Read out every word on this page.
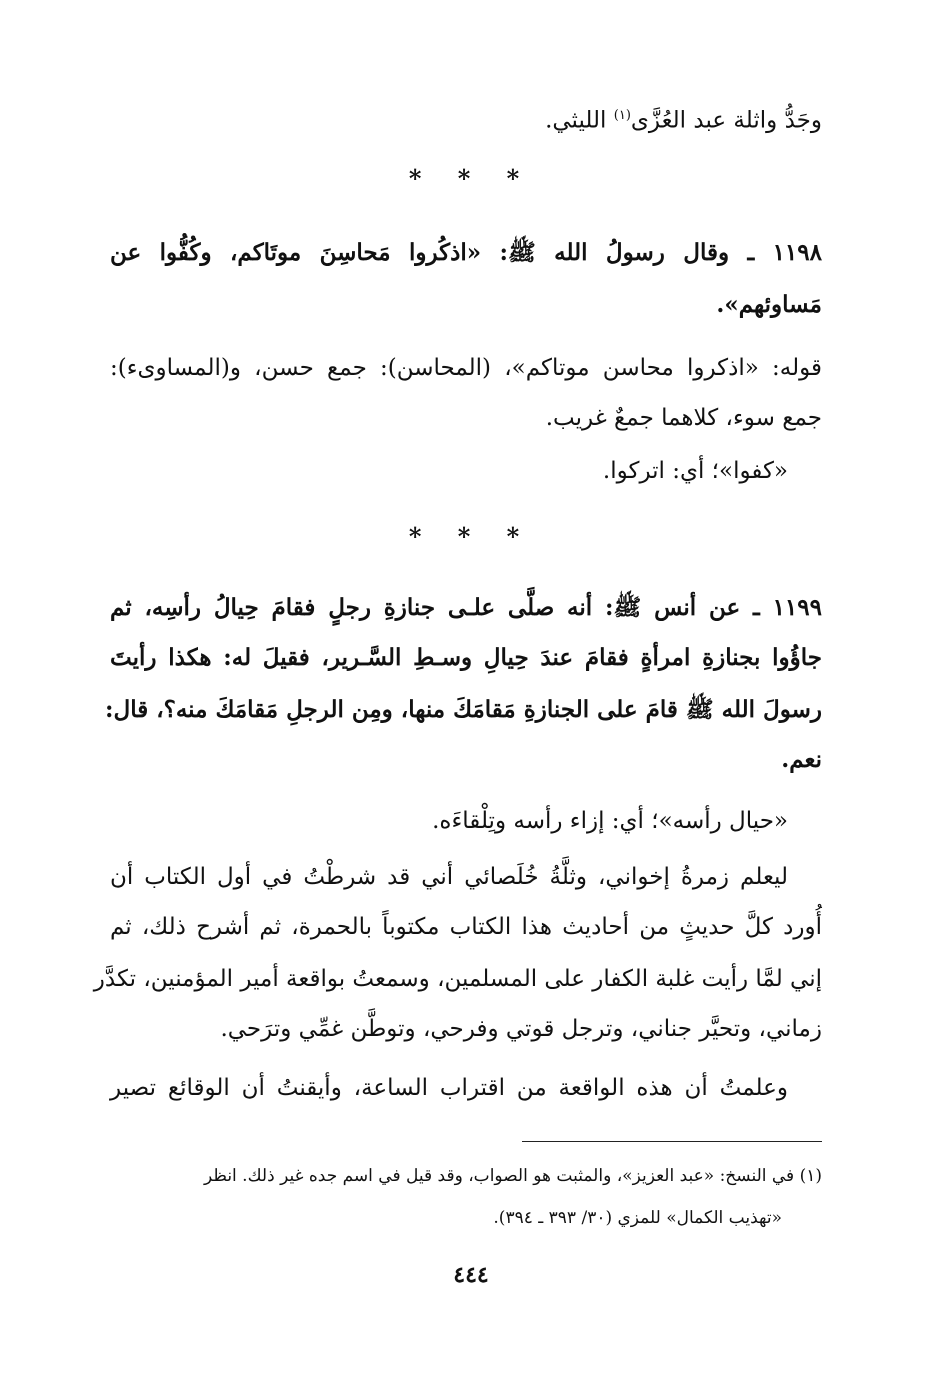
وجَدُّ واثلة عبد العُزَّى$^{(١)}$ الليثي.
١١٩٨ ـ وقال رسولُ الله ﷺ: «اذكُروا مَحاسِنَ موتَاكم، وكُفُّوا عن
مَساوئهم».
قوله: «اذكروا محاسن موتاكم»، (المحاسن): جمع حسن، و(المساوىء):
جمع سوء، كلاهما جمعٌ غريب.
«كفوا»؛ أي: اتركوا.
١١٩٩ ـ عن أنس ﷺ: أنه صلَّى علـى جنازةِ رجلٍ فقامَ حِيالُ رأسِه، ثم
جاؤُوا بجنازةِ امرأةٍ فقامَ عندَ حِيالِ وسـطِ السَّـرير، فقيلَ له: هكذا رأيتَ
رسولَ الله ﷺ قامَ على الجنازةِ مَقامَكَ منها، ومِن الرجلِ مَقامَكَ منه؟، قال:
نعم.
«حيال رأسه»؛ أي: إزاء رأسه وتِلْقاءَه.
ليعلم زمرةُ إخواني، وثلَّةُ خُلَصائي أني قد شرطْتُ في أول الكتاب أن
أُورد كلَّ حديثٍ من أحاديث هذا الكتاب مكتوباً بالحمرة، ثم أشرح ذلك، ثم
إني لمَّا رأيت غلبة الكفار على المسلمين، وسمعتُ بواقعة أمير المؤمنين، تكدَّر
زماني، وتحيَّر جناني، وترجل قوتي وفرحي، وتوطَّن غمِّي وترَحي.
وعلمتُ أن هذه الواقعة من اقتراب الساعة، وأيقنتُ أن الوقائع تصير
(١) في النسخ: «عبد العزيز»، والمثبت هو الصواب، وقد قيل في اسم جده غير ذلك. انظر
«تهذيب الكمال» للمزي (٣٠/ ٣٩٣ ـ ٣٩٤).
* * *
* * *
٤٤٤
